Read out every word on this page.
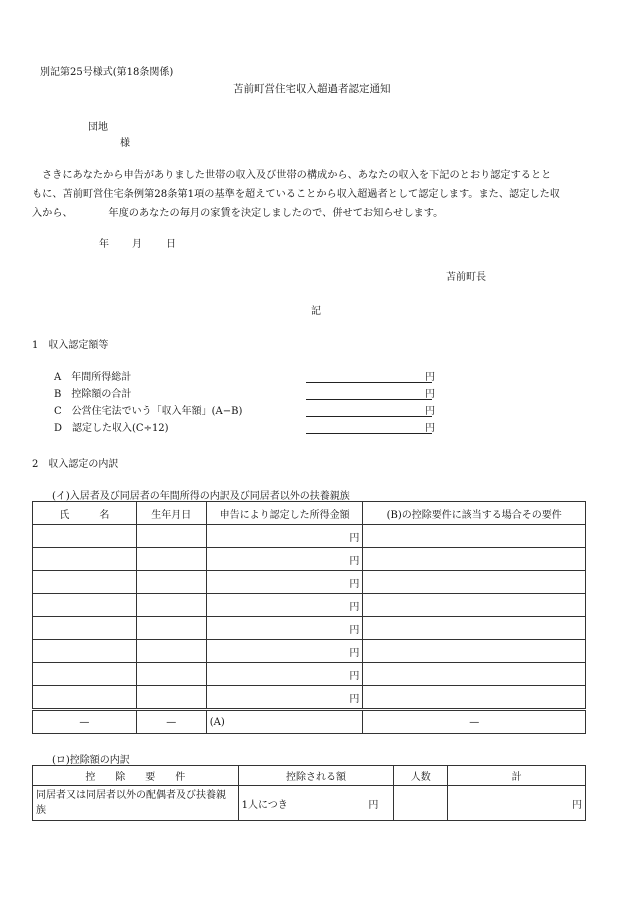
別記第25号様式(第18条関係)
苫前町営住宅収入超過者認定通知
団地
様

さきにあなたから申告がありました世帯の収入及び世帯の構成から、あなたの収入を下記のとおり認定するとと

もに、苫前町営住宅条例第28条第1項の基準を超えていることから収入超過者として認定します。また、認定した収

入から、　　　　年度のあなたの毎月の家賃を決定しましたので、併せてお知らせします。

年 月 日
苫前町長
記
1　収入認定額等
A　年間所得総計	円
B　控除額の合計	円
C　公営住宅法でいう「収入年額」(A−B)	円
D　認定した収入(C÷12)	円
2　収入認定の内訳
(イ)入居者及び同居者の年間所得の内訳及び同居者以外の扶養親族
氏　　　名	生年月日	申告により認定した所得金額	(B)の控除要件に該当する場合その要件
		円	
		円	
		円	
		円	
		円	
		円	
		円	
		円	
—	—	(A)	—
(ロ)控除額の内訳
控　　除　　要　　件	控除される額	人数	計
同居者又は同居者以外の配偶者及び扶養親族	1人につき 円		円
